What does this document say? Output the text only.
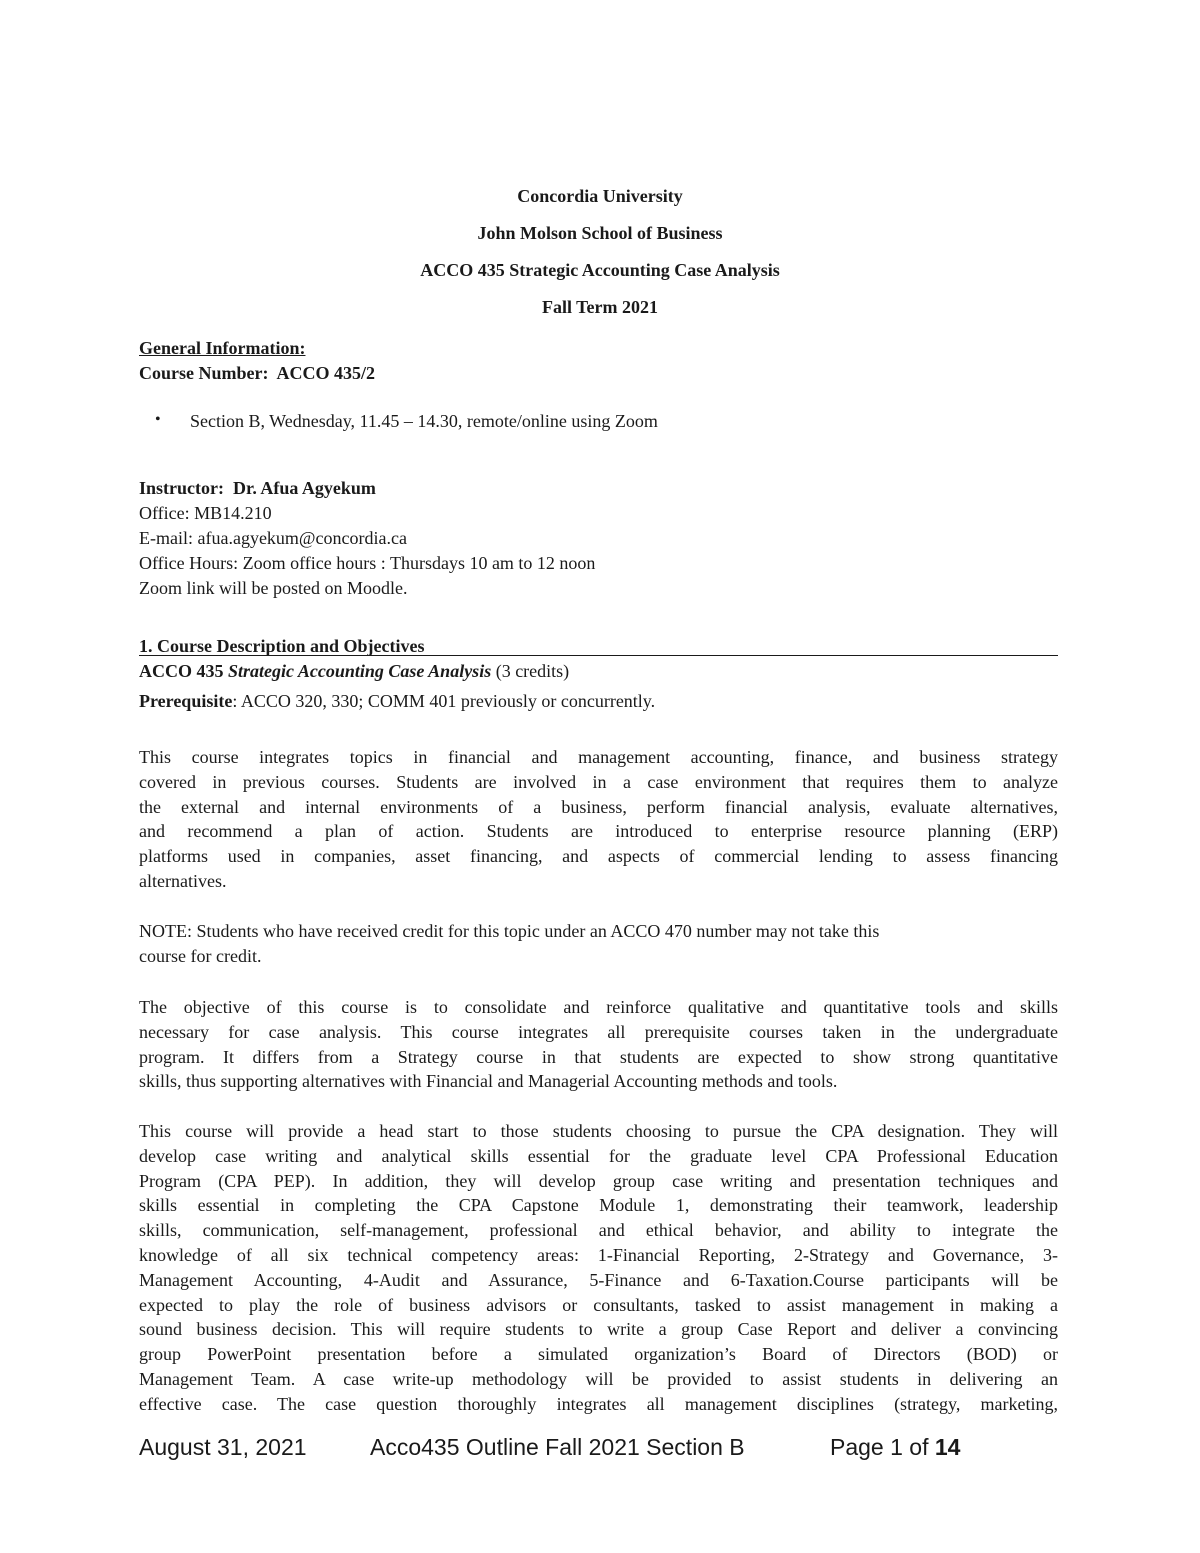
Concordia University
John Molson School of Business
ACCO 435 Strategic Accounting Case Analysis
Fall Term 2021
General Information:
Course Number: ACCO 435/2
• Section B, Wednesday, 11.45 – 14.30, remote/online using Zoom
Instructor: Dr. Afua Agyekum
Office: MB14.210
E-mail: afua.agyekum@concordia.ca
Office Hours: Zoom office hours : Thursdays 10 am to 12 noon
Zoom link will be posted on Moodle.
1. Course Description and Objectives
ACCO 435 Strategic Accounting Case Analysis (3 credits)
Prerequisite: ACCO 320, 330; COMM 401 previously or concurrently.
This course integrates topics in financial and management accounting, finance, and business strategy
covered in previous courses. Students are involved in a case environment that requires them to analyze
the external and internal environments of a business, perform financial analysis, evaluate alternatives,
and recommend a plan of action. Students are introduced to enterprise resource planning (ERP)
platforms used in companies, asset financing, and aspects of commercial lending to assess financing
alternatives.
NOTE: Students who have received credit for this topic under an ACCO 470 number may not take this
course for credit.
The objective of this course is to consolidate and reinforce qualitative and quantitative tools and skills
necessary for case analysis. This course integrates all prerequisite courses taken in the undergraduate
program. It differs from a Strategy course in that students are expected to show strong quantitative
skills, thus supporting alternatives with Financial and Managerial Accounting methods and tools.
This course will provide a head start to those students choosing to pursue the CPA designation. They will
develop case writing and analytical skills essential for the graduate level CPA Professional Education
Program (CPA PEP). In addition, they will develop group case writing and presentation techniques and
skills essential in completing the CPA Capstone Module 1, demonstrating their teamwork, leadership
skills, communication, self-management, professional and ethical behavior, and ability to integrate the
knowledge of all six technical competency areas: 1-Financial Reporting, 2-Strategy and Governance, 3-
Management Accounting, 4-Audit and Assurance, 5-Finance and 6-Taxation.Course participants will be
expected to play the role of business advisors or consultants, tasked to assist management in making a
sound business decision. This will require students to write a group Case Report and deliver a convincing
group PowerPoint presentation before a simulated organization’s Board of Directors (BOD) or
Management Team. A case write-up methodology will be provided to assist students in delivering an
effective case. The case question thoroughly integrates all management disciplines (strategy, marketing,
August 31, 2021	Acco435 Outline Fall 2021 Section B	Page 1 of 14
